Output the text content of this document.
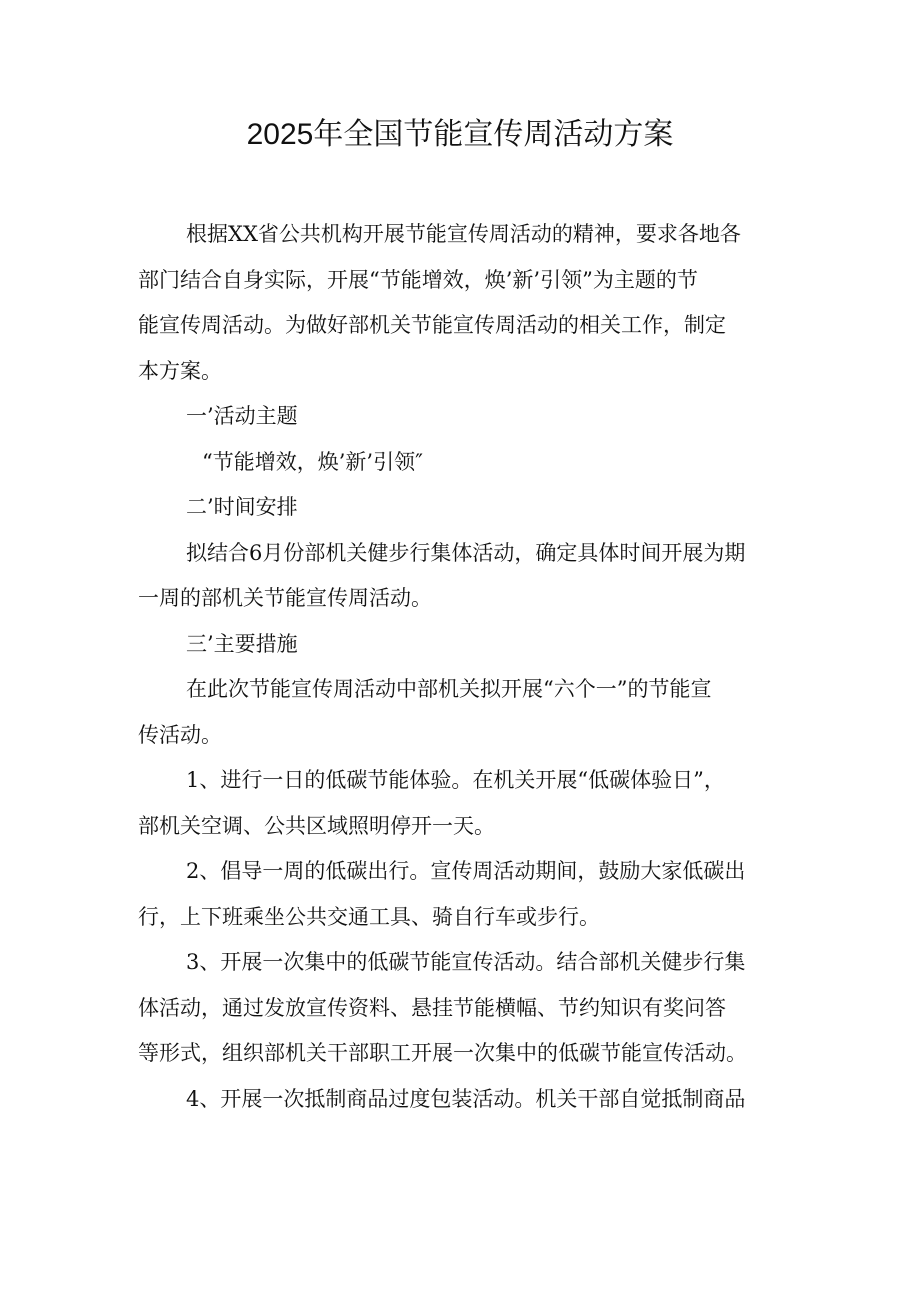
2025年全国节能宣传周活动方案
根据XX省公共机构开展节能宣传周活动的精神，要求各地各
部门结合自身实际，开展“节能增效，焕’新’引领”为主题的节
能宣传周活动。为做好部机关节能宣传周活动的相关工作，制定
本方案。
一’活动主题
“节能增效，焕’新’引领″
二’时间安排
拟结合6月份部机关健步行集体活动，确定具体时间开展为期
一周的部机关节能宣传周活动。
三’主要措施
在此次节能宣传周活动中部机关拟开展“六个一”的节能宣
传活动。
1、进行一日的低碳节能体验。在机关开展“低碳体验日”，
部机关空调、公共区域照明停开一天。
2、倡导一周的低碳出行。宣传周活动期间，鼓励大家低碳出
行，上下班乘坐公共交通工具、骑自行车或步行。
3、开展一次集中的低碳节能宣传活动。结合部机关健步行集
体活动，通过发放宣传资料、悬挂节能横幅、节约知识有奖问答
等形式，组织部机关干部职工开展一次集中的低碳节能宣传活动。
4、开展一次抵制商品过度包装活动。机关干部自觉抵制商品
